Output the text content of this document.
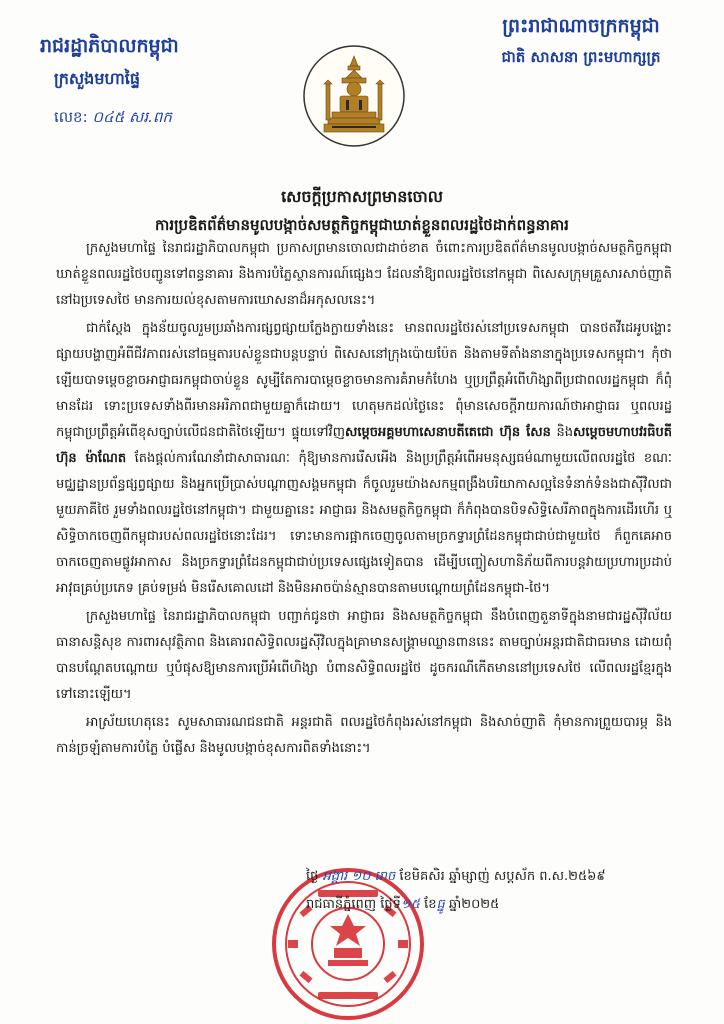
រាជរដ្ឋាភិបាលកម្ពុជា
ក្រសួងមហាផ្ទៃ
លេខ: ០៤៥ សរ.ពក
ព្រះរាជាណាចក្រកម្ពុជា
ជាតិ សាសនា ព្រះមហាក្សត្រ
សេចក្តីប្រកាសព្រមានចោល
ការប្រឌិតព័ត៌មានមូលបង្កាច់សមត្ថកិច្ចកម្ពុជាឃាត់ខ្លួនពលរដ្ឋថៃដាក់ពន្ធនាគារ

ក្រសួងមហាផ្ទៃ នៃរាជរដ្ឋាភិបាលកម្ពុជា ប្រកាសព្រមានចោលជាដាច់ខាត ចំពោះការប្រឌិតព័ត៌មានមូលបង្កាច់សមត្ថកិច្ចកម្ពុជាឃាត់ខ្លួនពលរដ្ឋថៃបញ្ជូនទៅពន្ធនាគារ និងការបំភ្លៃស្ថានការណ៍ផ្សេងៗ ដែលនាំឱ្យពលរដ្ឋថៃនៅកម្ពុជា ពិសេសក្រុមគ្រួសារសាច់ញាតិនៅឯប្រទេសថៃ មានការយល់ខុសតាមការឃោសនាដ៏អកុសលនេះ។

ជាក់ស្តែង ក្នុងន័យចូលរួមប្រឆាំងការផ្សព្វផ្សាយក្លែងក្លាយទាំងនេះ មានពលរដ្ឋថៃរស់នៅប្រទេសកម្ពុជា បានថតវីដេអូបង្ហោះផ្សាយបង្ហាញអំពីជីវភាពរស់នៅធម្មតារបស់ខ្លួនជាបន្តបន្ទាប់ ពិសេសនៅក្រុងប៉ោយប៉ែត និងតាមទីតាំងនានាក្នុងប្រទេសកម្ពុជា។ កុំថាឡើយបាទម្តេចខ្លាចអាជ្ញាធរកម្ពុជាចាប់ខ្លួន សូម្បីតែការបាម្តេចខ្លាចមានការគំរាមកំហែង ឬប្រព្រឹត្តអំពើហិង្សាពីប្រជាពលរដ្ឋកម្ពុជា ក៏ពុំមានដែរ ទោះប្រទេសទាំងពីរមានអរិភាពជាមួយគ្នាក៏ដោយ។ ហេតុមកដល់ថ្ងៃនេះ ពុំមានសេចក្តីរាយការណ៍ថាអាជ្ញាធរ ឬពលរដ្ឋកម្ពុជាប្រព្រឹត្តអំពើខុសច្បាប់លើជនជាតិថៃឡើយ។ ផ្ទុយទៅវិញសម្តេចអគ្គមហាសេនាបតីតេជោ ហ៊ុន សែន និងសម្តេចមហាបវរធិបតី ហ៊ុន ម៉ាណែត តែងផ្តល់ការណែនាំជាសាធារណៈ កុំឱ្យមានការរើសអើង និងប្រព្រឹត្តអំពើអមនុស្សធម៌ណាមួយលើពលរដ្ឋថៃ ខណៈមជ្ឈដ្ឋានប្រព័ន្ធផ្សព្វផ្សាយ និងអ្នកប្រើប្រាស់បណ្តាញសង្គមកម្ពុជា ក៏ចូលរួមយ៉ាងសកម្មពង្រឹងបរិយាកាសល្អនៃទំនាក់ទំនងជាស៊ីវិលជាមួយភាគីថៃ រួមទាំងពលរដ្ឋថៃនៅកម្ពុជា។ ជាមួយគ្នានេះ អាជ្ញាធរ និងសមត្ថកិច្ចកម្ពុជា ក៏កំពុងបានបិទសិទ្ធិសេរីភាពក្នុងការដើរហើរ ឬសិទ្ធិចាកចេញពីកម្ពុជារបស់ពលរដ្ឋថៃនោះដែរ។ ទោះមានការផ្អាកចេញចូលតាមច្រកទ្វារព្រំដែនកម្ពុជាជាប់ជាមួយថៃ ក៏ពួកគេអាចចាកចេញតាមផ្លូវអាកាស និងច្រកទ្វារព្រំដែនកម្ពុជាជាប់ប្រទេសផ្សេងទៀតបាន ដើម្បីបញ្ចៀសហានិភ័យពីការបន្តវាយប្រហារប្រដាប់អាវុធគ្រប់ប្រភេទ គ្រប់ទម្រង់ មិនរើសគោលដៅ និងមិនអាចប៉ាន់ស្មានបានតាមបណ្តោយព្រំដែនកម្ពុជា-ថៃ។

ក្រសួងមហាផ្ទៃ នៃរាជរដ្ឋាភិបាលកម្ពុជា បញ្ជាក់ជូនថា អាជ្ញាធរ និងសមត្ថកិច្ចកម្ពុជា នឹងបំពេញតួនាទីក្នុងនាមជារដ្ឋស៊ីវិល័យ ធានាសន្តិសុខ ការពារសុវត្ថិភាព និងគោរពសិទ្ធិពលរដ្ឋស៊ីវិលក្នុងគ្រាមានសង្គ្រាមឈ្លានពាននេះ តាមច្បាប់អន្តរជាតិជាធរមាន ដោយពុំបានបណ្តែតបណ្តោយ ឬបំផុសឱ្យមានការប្រើអំពើហិង្សា បំពានសិទ្ធិពលរដ្ឋថៃ ដូចករណីកើតមាននៅប្រទេសថៃ លើពលរដ្ឋខ្មែរក្នុងទៅនោះឡើយ។

អាស្រ័យហេតុនេះ សូមសាធារណជនជាតិ អន្តរជាតិ ពលរដ្ឋថៃកំពុងរស់នៅកម្ពុជា និងសាច់ញាតិ កុំមានការព្រួយបារម្ភ និងកាន់ច្រឡំតាមការបំភ្លៃ បំផ្លើស និងមូលបង្កាច់ខុសការពិតទាំងនោះ។

ថ្ងៃ អង្គារ ១០ រោច ខែមិគសិរ ឆ្នាំម្សាញ់ សប្តស័ក ព.ស.២៥៦៩
រាជធានីភ្នំពេញ ថ្ងៃទី១៥ ខែធ្នូ ឆ្នាំ២០២៥
